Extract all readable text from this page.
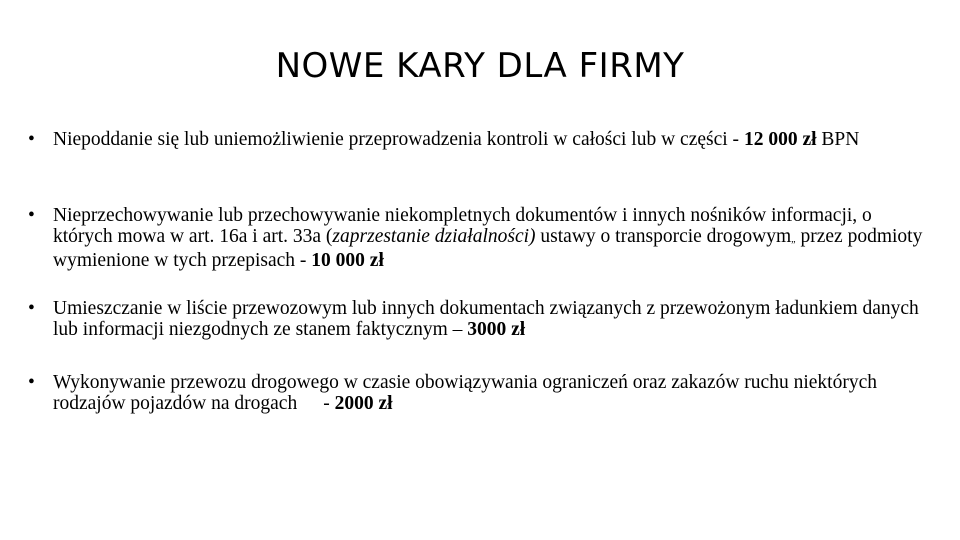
NOWE KARY DLA FIRMY
• Niepoddanie się lub uniemożliwienie przeprowadzenia kontroli w całości lub w części - 12 000 zł BPN
• Nieprzechowywanie lub przechowywanie niekompletnych dokumentów i innych nośników informacji, o których mowa w art. 16a i art. 33a (zaprzestanie działalności) ustawy o transporcie drogowym„ przez podmioty wymienione w tych przepisach - 10 000 zł
• Umieszczanie w liście przewozowym lub innych dokumentach związanych z przewożonym ładunkiem danych lub informacji niezgodnych ze stanem faktycznym – 3000 zł
• Wykonywanie przewozu drogowego w czasie obowiązywania ograniczeń oraz zakazów ruchu niektórych rodzajów pojazdów na drogach - 2000 zł
